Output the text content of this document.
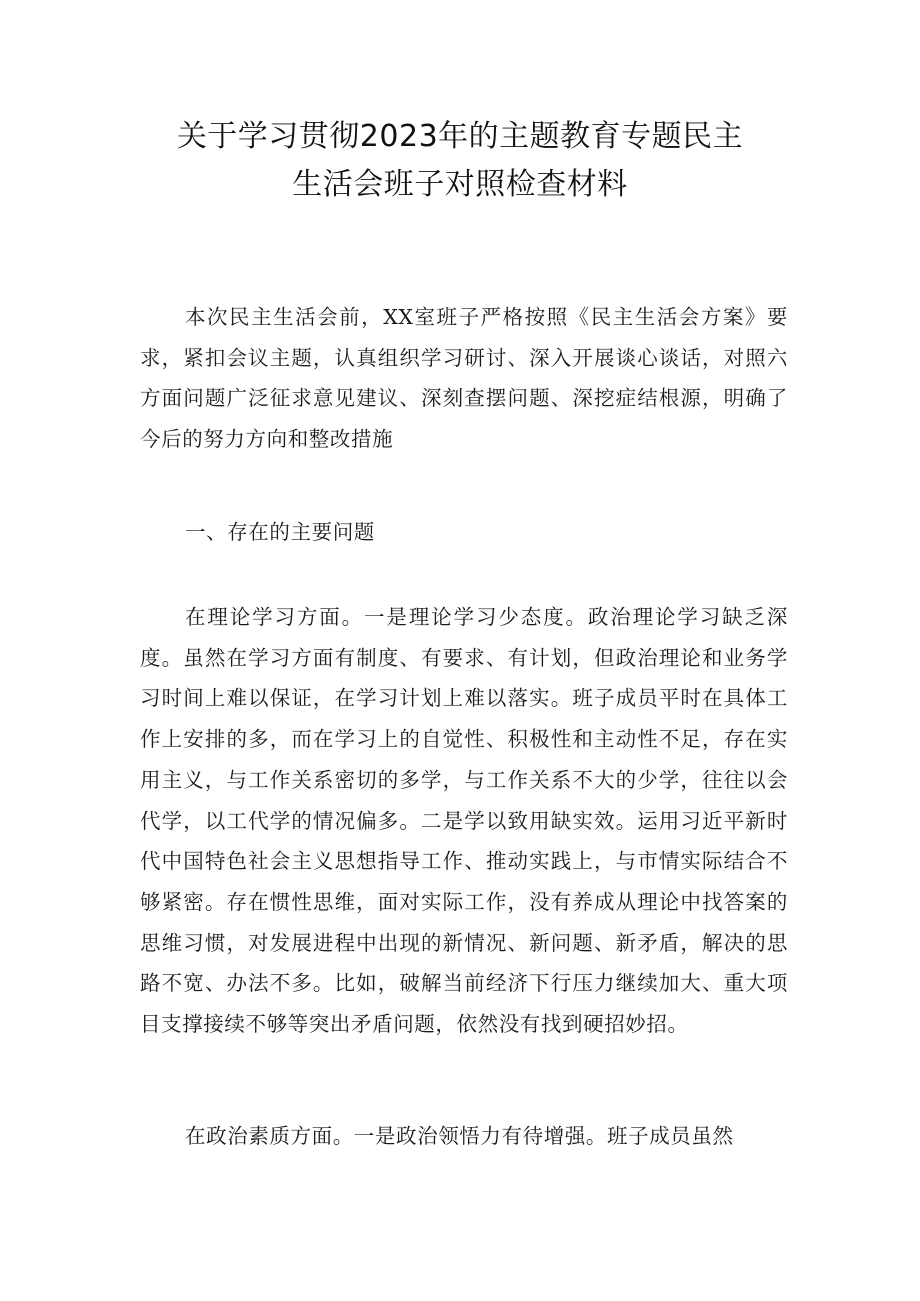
关于学习贯彻2023年的主题教育专题民主
生活会班子对照检查材料

本次民主生活会前，XX室班子严格按照《民主生活会方案》要求，紧扣会议主题，认真组织学习研讨、深入开展谈心谈话，对照六方面问题广泛征求意见建议、深刻查摆问题、深挖症结根源，明确了今后的努力方向和整改措施

一、存在的主要问题

在理论学习方面。一是理论学习少态度。政治理论学习缺乏深度。虽然在学习方面有制度、有要求、有计划，但政治理论和业务学习时间上难以保证，在学习计划上难以落实。班子成员平时在具体工作上安排的多，而在学习上的自觉性、积极性和主动性不足，存在实用主义，与工作关系密切的多学，与工作关系不大的少学，往往以会代学，以工代学的情况偏多。二是学以致用缺实效。运用习近平新时代中国特色社会主义思想指导工作、推动实践上，与市情实际结合不够紧密。存在惯性思维，面对实际工作，没有养成从理论中找答案的思维习惯，对发展进程中出现的新情况、新问题、新矛盾，解决的思路不宽、办法不多。比如，破解当前经济下行压力继续加大、重大项目支撑接续不够等突出矛盾问题，依然没有找到硬招妙招。

在政治素质方面。一是政治领悟力有待增强。班子成员虽然
